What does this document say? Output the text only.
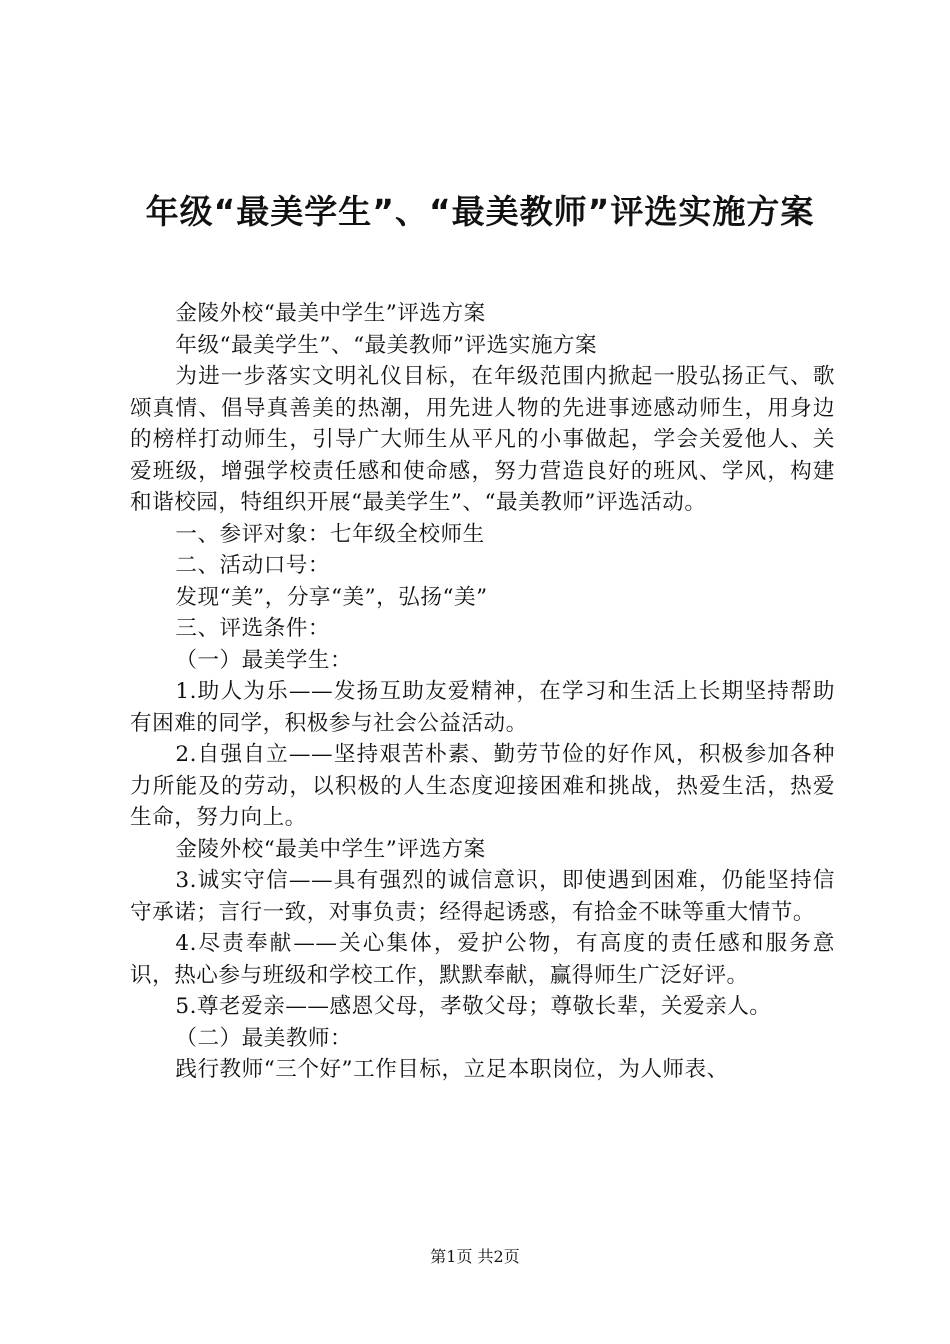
年级“最美学生”、“最美教师”评选实施方案

金陵外校“最美中学生”评选方案

年级“最美学生”、“最美教师”评选实施方案

为进一步落实文明礼仪目标，在年级范围内掀起一股弘扬正气、歌颂真情、倡导真善美的热潮，用先进人物的先进事迹感动师生，用身边的榜样打动师生，引导广大师生从平凡的小事做起，学会关爱他人、关爱班级，增强学校责任感和使命感，努力营造良好的班风、学风，构建和谐校园，特组织开展“最美学生”、“最美教师”评选活动。

一、参评对象：七年级全校师生

二、活动口号：

发现“美”，分享“美”，弘扬“美”

三、评选条件：

（一）最美学生：

1.助人为乐——发扬互助友爱精神，在学习和生活上长期坚持帮助有困难的同学，积极参与社会公益活动。

2.自强自立——坚持艰苦朴素、勤劳节俭的好作风，积极参加各种力所能及的劳动，以积极的人生态度迎接困难和挑战，热爱生活，热爱生命，努力向上。

金陵外校“最美中学生”评选方案

3.诚实守信——具有强烈的诚信意识，即使遇到困难，仍能坚持信守承诺；言行一致，对事负责；经得起诱惑，有拾金不昧等重大情节。

4.尽责奉献——关心集体，爱护公物，有高度的责任感和服务意识，热心参与班级和学校工作，默默奉献，赢得师生广泛好评。

5.尊老爱亲——感恩父母，孝敬父母；尊敬长辈，关爱亲人。

（二）最美教师：

践行教师“三个好”工作目标，立足本职岗位，为人师表、

第1页 共2页
